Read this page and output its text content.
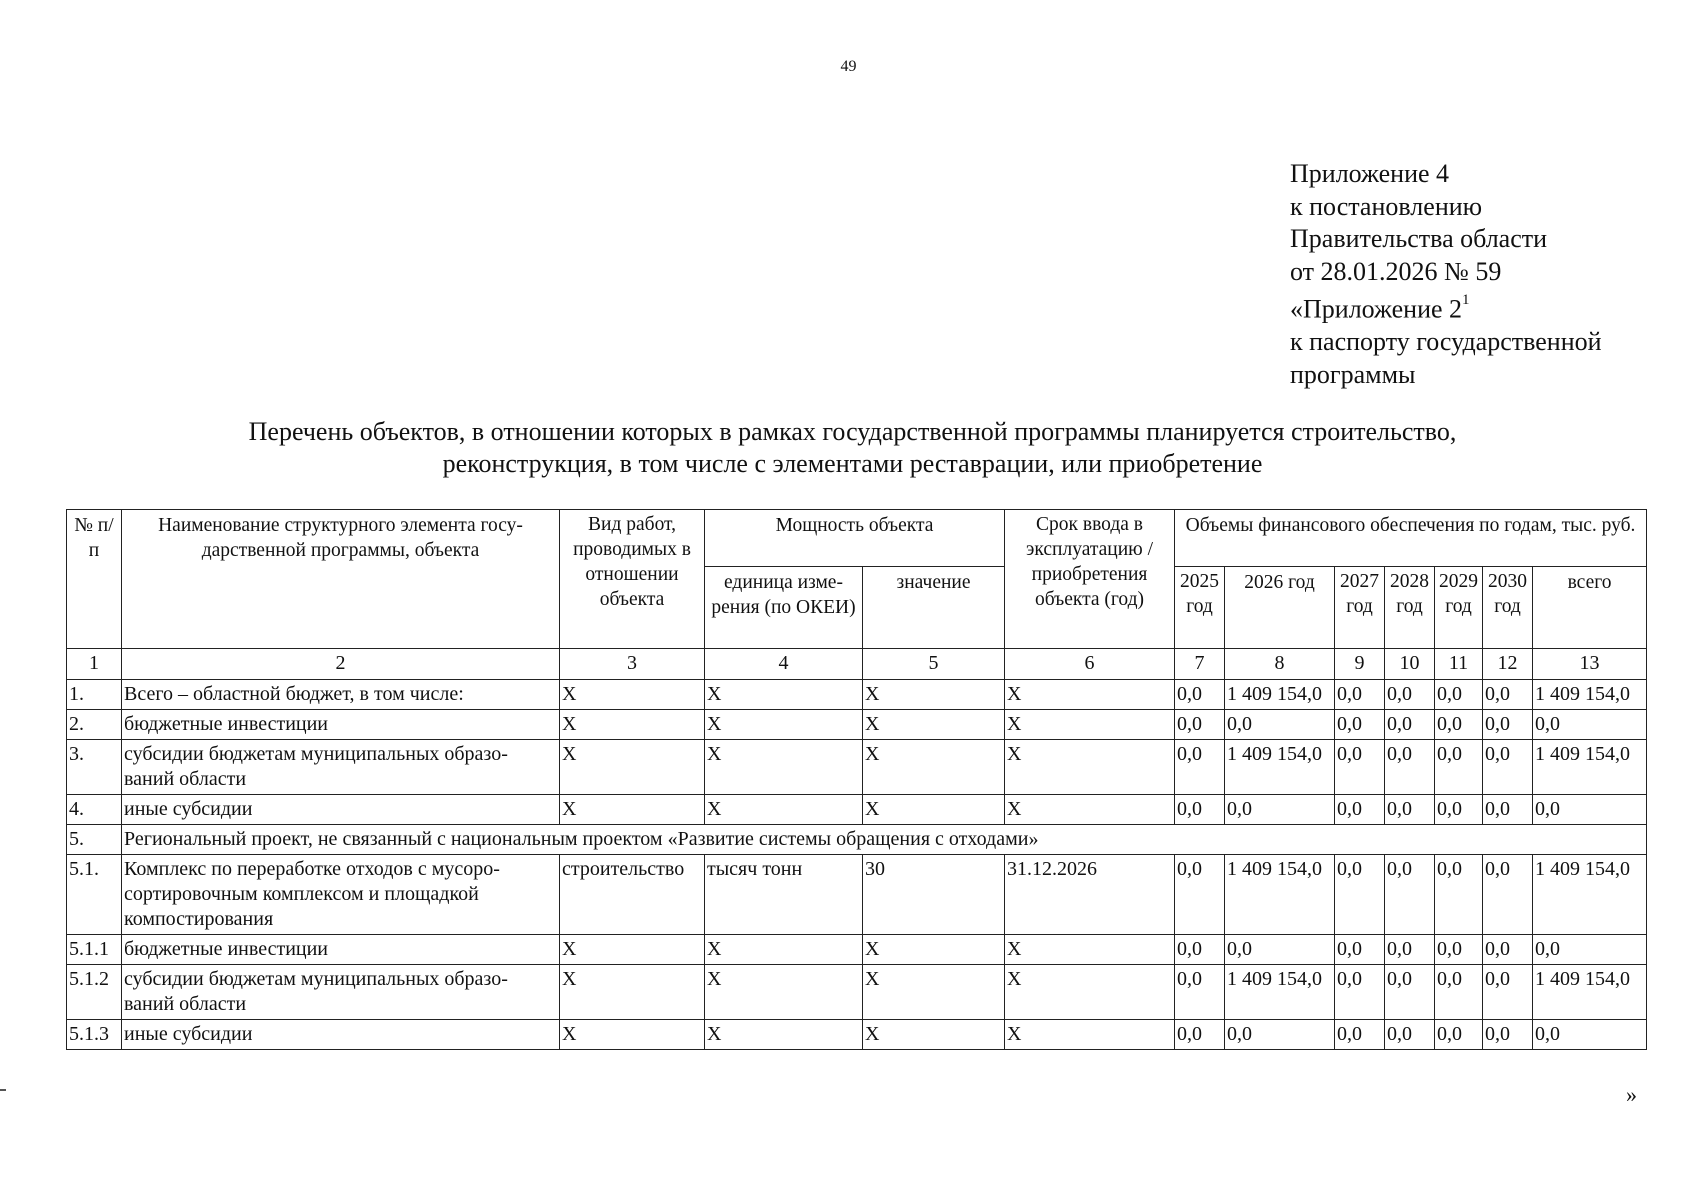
49
Приложение 4
к постановлению
Правительства области
от 28.01.2026 № 59
«Приложение $2^1$
к паспорту государственной
программы
Перечень объектов, в отношении которых в рамках государственной программы планируется строительство,
реконструкция, в том числе с элементами реставрации, или приобретение
№ п/п	Наименование структурного элемента госу-дарственной программы, объекта	Вид работ, проводимых в отношении объекта	Мощность объекта		Срок ввода в эксплуатацию / приобретения объекта (год)	Объемы финансового обеспечения по годам, тыс. руб.						
			единица изме-рения (по ОКЕИ)	значение		2025 год	2026 год	2027 год	2028 год	2029 год	2030 год	всего
1	2	3	4	5	6	7	8	9	10	11	12	13
1.	Всего – областной бюджет, в том числе:	X	X	X	X	0,0	1 409 154,0	0,0	0,0	0,0	0,0	1 409 154,0
2.	бюджетные инвестиции	X	X	X	X	0,0	0,0	0,0	0,0	0,0	0,0	0,0
3.	субсидии бюджетам муниципальных образо-ваний области	X	X	X	X	0,0	1 409 154,0	0,0	0,0	0,0	0,0	1 409 154,0
4.	иные субсидии	X	X	X	X	0,0	0,0	0,0	0,0	0,0	0,0	0,0
5.	Региональный проект, не связанный с национальным проектом «Развитие системы обращения с отходами»											
5.1.	Комплекс по переработке отходов с мусоро-сортировочным комплексом и площадкой компостирования	строительство	тысяч тонн	30	31.12.2026	0,0	1 409 154,0	0,0	0,0	0,0	0,0	1 409 154,0
5.1.1	бюджетные инвестиции	X	X	X	X	0,0	0,0	0,0	0,0	0,0	0,0	0,0
5.1.2	субсидии бюджетам муниципальных образо-ваний области	X	X	X	X	0,0	1 409 154,0	0,0	0,0	0,0	0,0	1 409 154,0
5.1.3	иные субсидии	X	X	X	X	0,0	0,0	0,0	0,0	0,0	0,0	0,0
»
